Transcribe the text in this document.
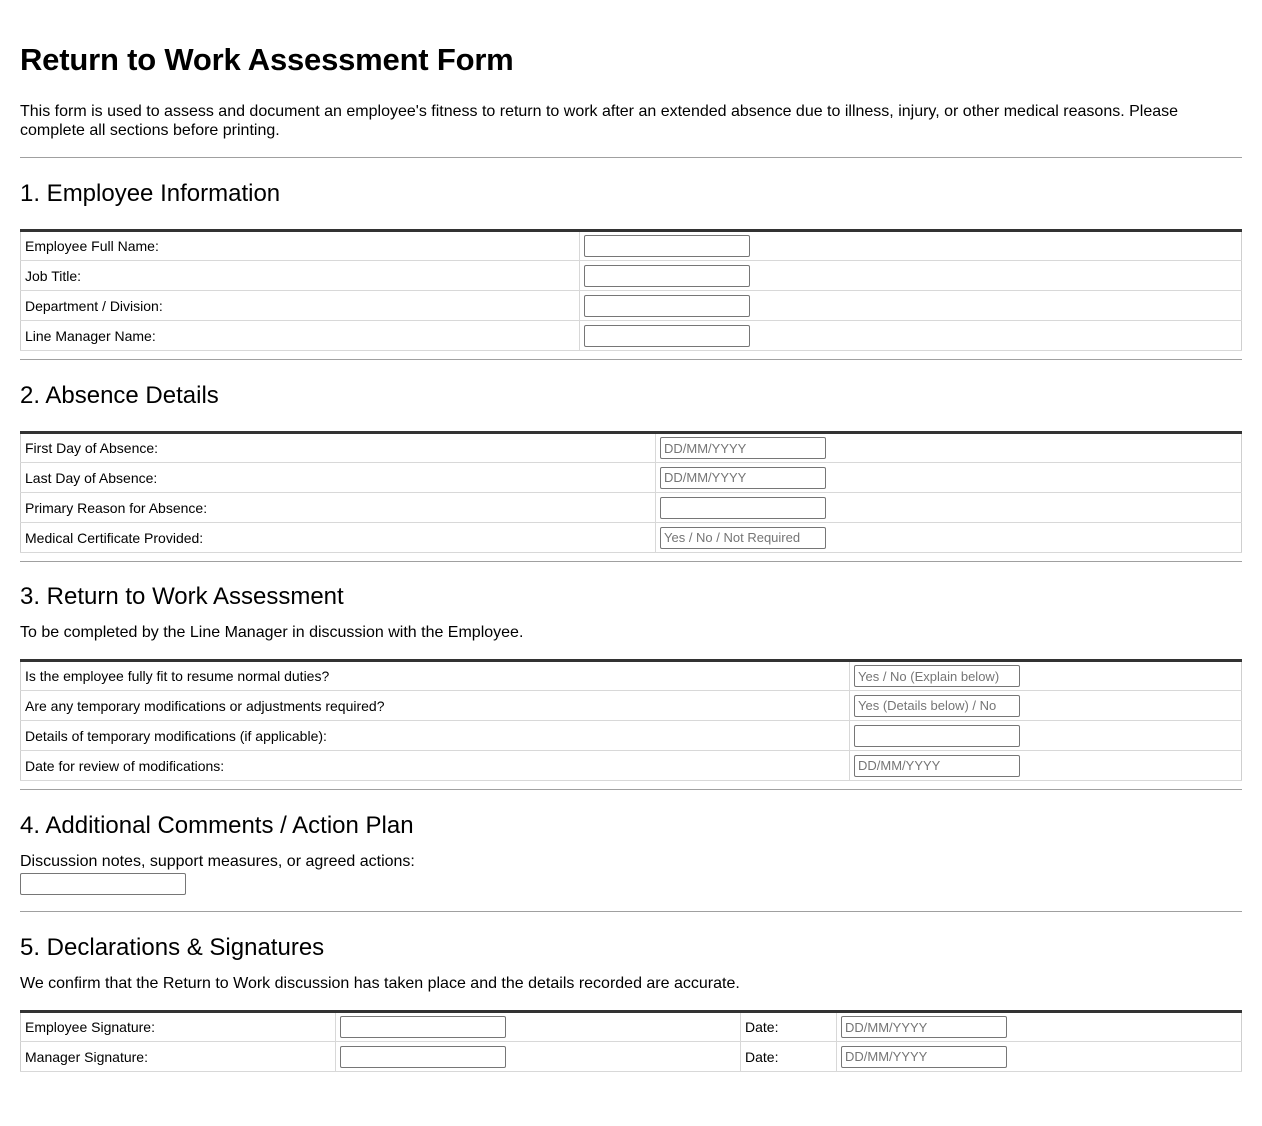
Return to Work Assessment Form

This form is used to assess and document an employee's fitness to return to work after an extended absence due to illness, injury, or other medical reasons. Please complete all sections before printing.

1. Employee Information
Employee Full Name:	

Job Title:	

Department / Division:	

Line Manager Name:	
2. Absence Details
First Day of Absence:	
DD/MM/YYYY
Last Day of Absence:	
DD/MM/YYYY
Primary Reason for Absence:	

Medical Certificate Provided:	
Yes / No / Not Required
3. Return to Work Assessment

To be completed by the Line Manager in discussion with the Employee.

Is the employee fully fit to resume normal duties?	
Yes / No (Explain below)
Are any temporary modifications or adjustments required?	
Yes (Details below) / No
Details of temporary modifications (if applicable):	

Date for review of modifications:	
DD/MM/YYYY
4. Additional Comments / Action Plan

Discussion notes, support measures, or agreed actions:

5. Declarations & Signatures

We confirm that the Return to Work discussion has taken place and the details recorded are accurate.

Employee Signature:		Date:	
DD/MM/YYYY
Manager Signature:		Date:	
DD/MM/YYYY
